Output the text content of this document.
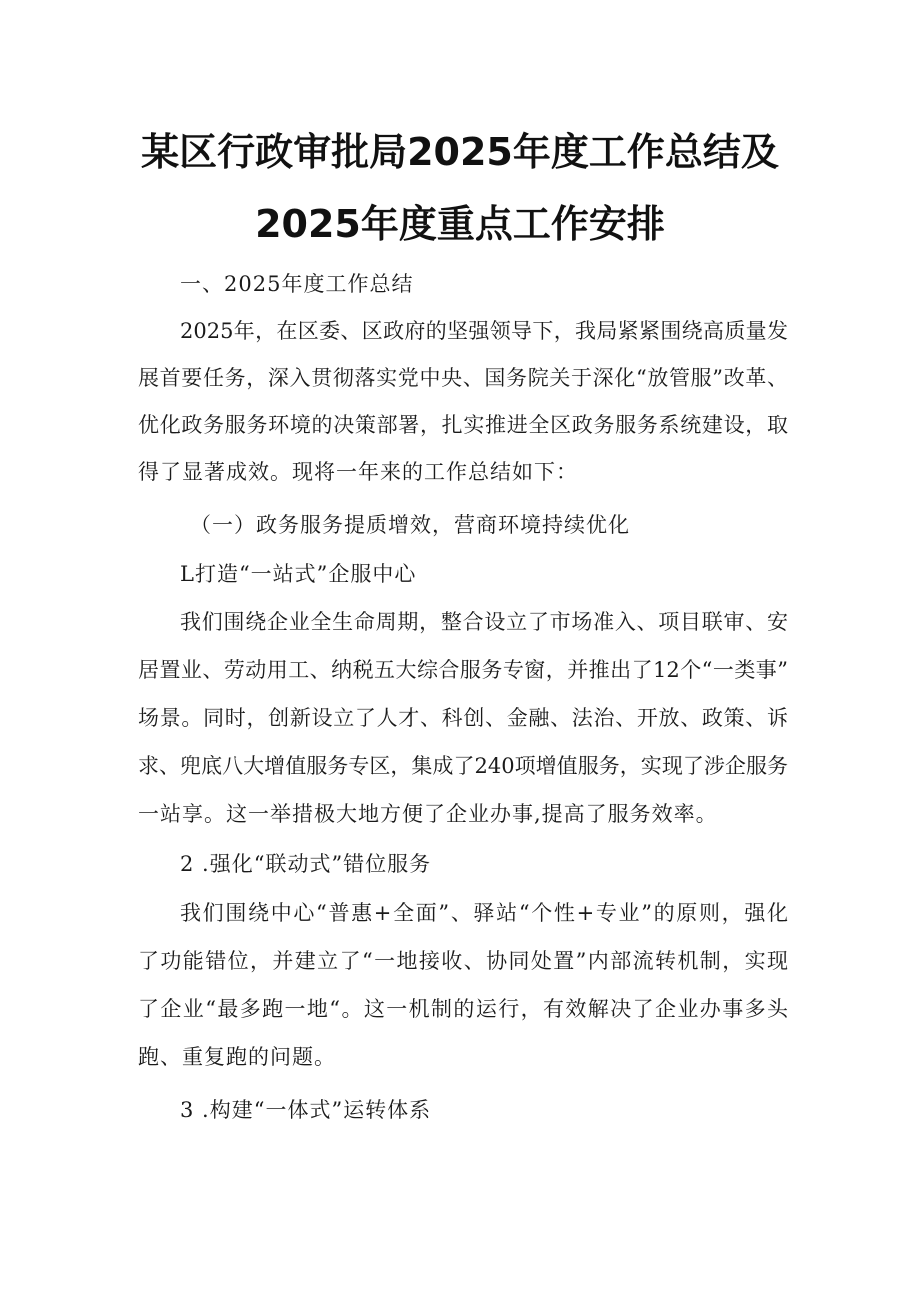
某区行政审批局2025年度工作总结及
2025年度重点工作安排
一、2025年度工作总结
2025年，在区委、区政府的坚强领导下，我局紧紧围绕高质量发
展首要任务，深入贯彻落实党中央、国务院关于深化“放管服”改革、
优化政务服务环境的决策部署，扎实推进全区政务服务系统建设，取
得了显著成效。现将一年来的工作总结如下：
（一）政务服务提质增效，营商环境持续优化
L打造“一站式”企服中心
我们围绕企业全生命周期，整合设立了市场准入、项目联审、安
居置业、劳动用工、纳税五大综合服务专窗，并推出了12个“一类事”
场景。同时，创新设立了人才、科创、金融、法治、开放、政策、诉
求、兜底八大增值服务专区，集成了240项增值服务，实现了涉企服务
一站享。这一举措极大地方便了企业办事,提高了服务效率。
2 .强化“联动式”错位服务
我们围绕中心“普惠+全面”、驿站“个性+专业”的原则，强化
了功能错位，并建立了“一地接收、协同处置”内部流转机制，实现
了企业“最多跑一地“。这一机制的运行，有效解决了企业办事多头
跑、重复跑的问题。
3 .构建“一体式”运转体系
